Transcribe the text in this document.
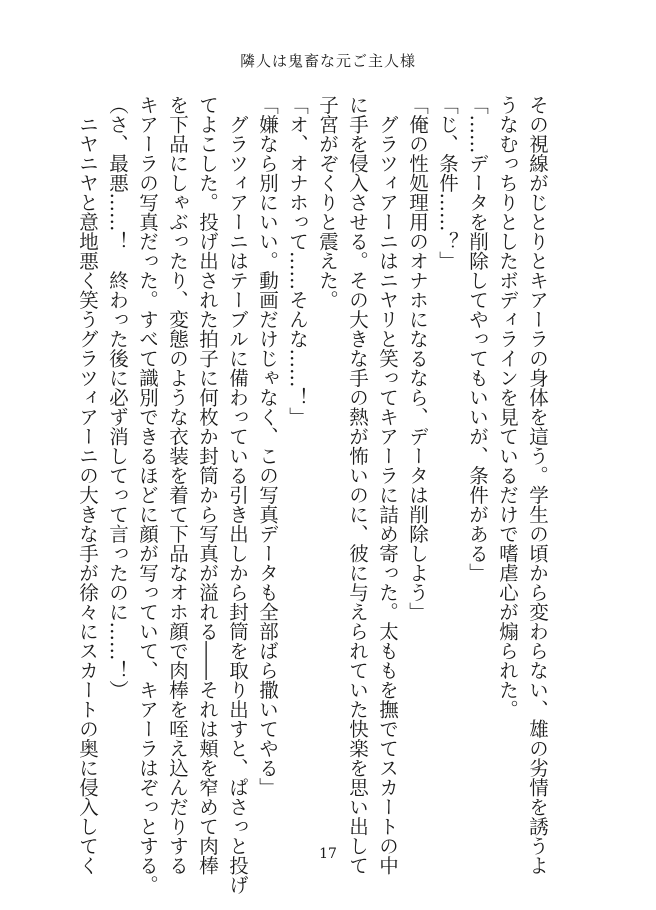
隣人は鬼畜な元ご主人様
その視線がじとりとキアーラの身体を這う。学生の頃から変わらない、雄の劣情を誘うよ
うなむっちりとしたボディラインを見ているだけで嗜虐心が煽られた。
「……データを削除してやってもいいが、条件がある」
「じ、条件……？」
「俺の性処理用のオナホになるなら、データは削除しよう」
　グラツィアーニはニヤリと笑ってキアーラに詰め寄った。太ももを撫でてスカートの中
に手を侵入させる。その大きな手の熱が怖いのに、彼に与えられていた快楽を思い出して
子宮がぞくりと震えた。
「オ、オナホって……そんな……！」
「嫌なら別にいい。動画だけじゃなく、この写真データも全部ばら撒いてやる」
　グラツィアーニはテーブルに備わっている引き出しから封筒を取り出すと、ぱさっと投げ
てよこした。投げ出された拍子に何枚か封筒から写真が溢れる――それは頬を窄めて肉棒
を下品にしゃぶったり、変態のような衣装を着て下品なオホ顔で肉棒を咥え込んだりする
キアーラの写真だった。すべて識別できるほどに顔が写っていて、キアーラはぞっとする。
（さ、最悪……！　終わった後に必ず消してって言ったのに……！）
　ニヤニヤと意地悪く笑うグラツィアーニの大きな手が徐々にスカートの奥に侵入してく	17
